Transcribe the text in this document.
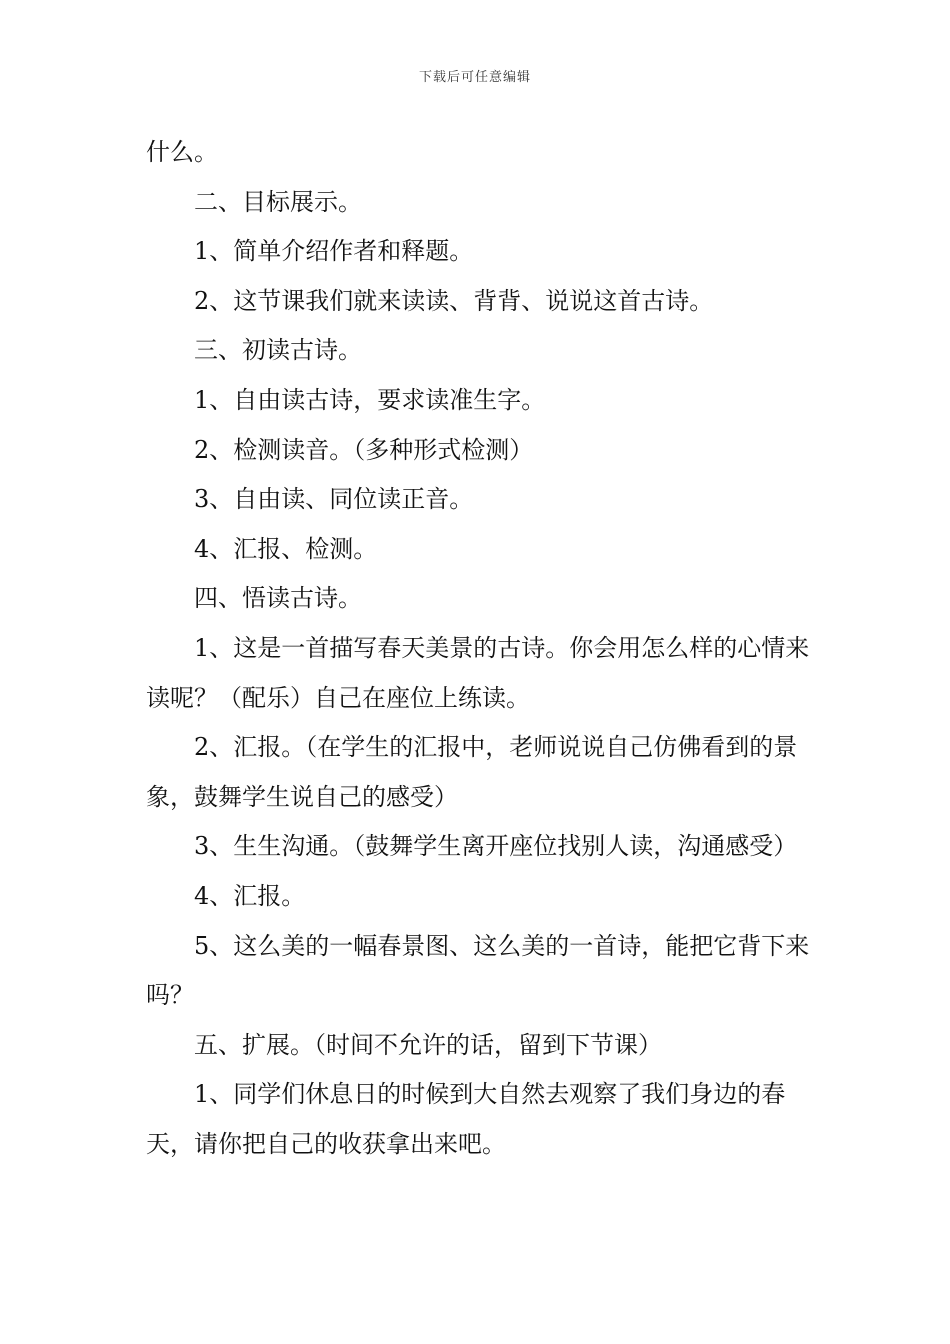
下载后可任意编辑

什么。

二、目标展示。

1、简单介绍作者和释题。

2、这节课我们就来读读、背背、说说这首古诗。

三、初读古诗。

1、自由读古诗，要求读准生字。

2、检测读音。（多种形式检测）

3、自由读、同位读正音。

4、汇报、检测。

四、悟读古诗。

1、这是一首描写春天美景的古诗。你会用怎么样的心情来读呢？（配乐）自己在座位上练读。

2、汇报。（在学生的汇报中，老师说说自己仿佛看到的景象，鼓舞学生说自己的感受）

3、生生沟通。（鼓舞学生离开座位找别人读，沟通感受）

4、汇报。

5、这么美的一幅春景图、这么美的一首诗，能把它背下来吗？

五、扩展。（时间不允许的话，留到下节课）

1、同学们休息日的时候到大自然去观察了我们身边的春天，请你把自己的收获拿出来吧。
